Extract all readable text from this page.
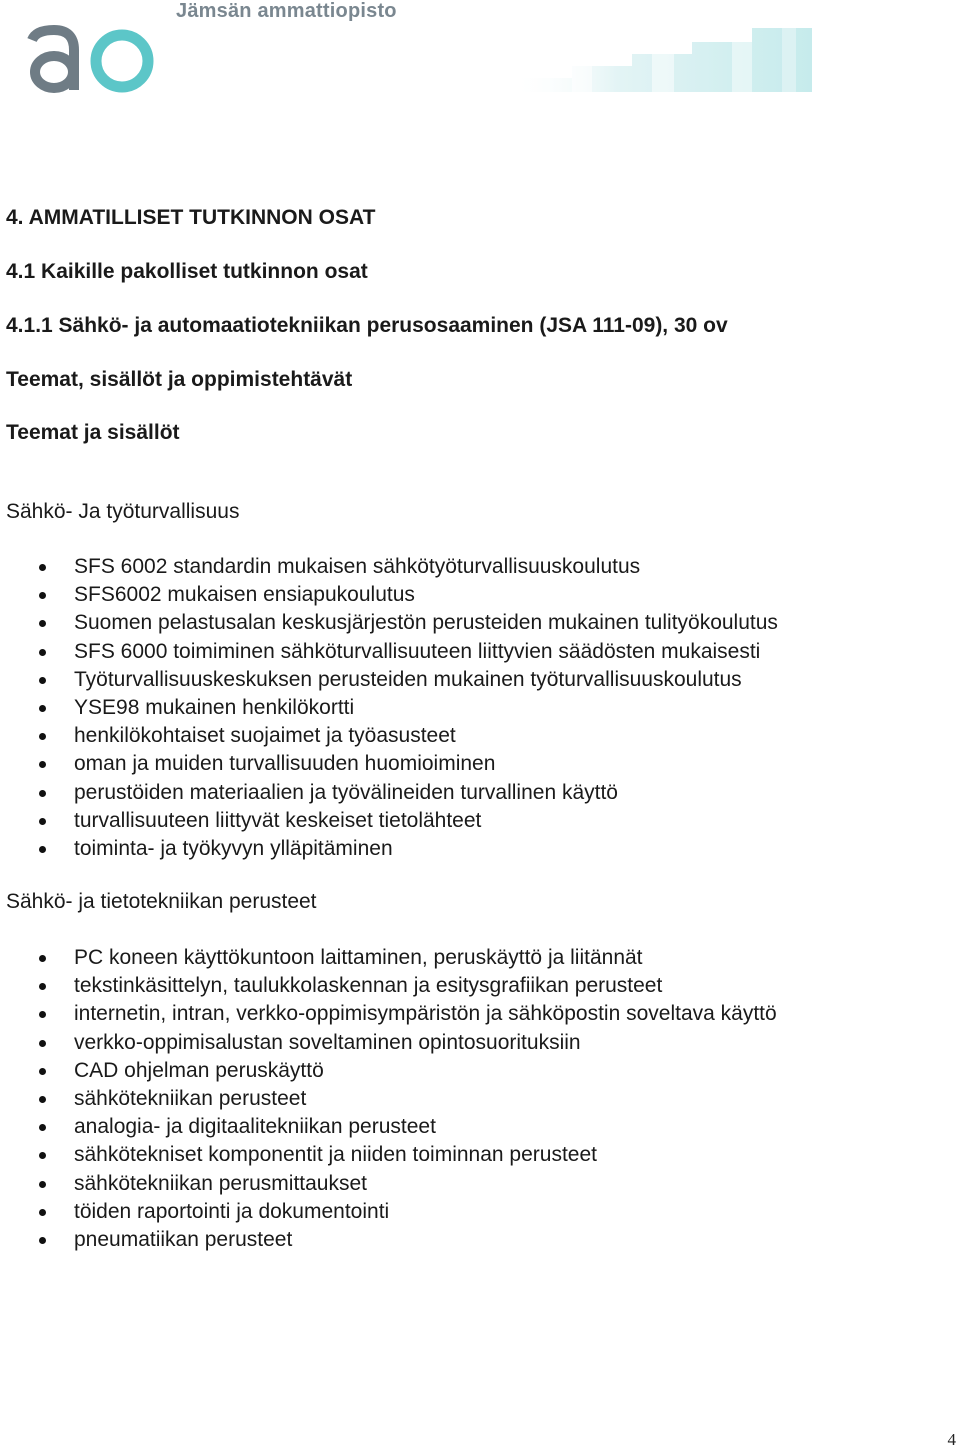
Jämsän ammattiopisto
4. AMMATILLISET TUTKINNON OSAT
4.1 Kaikille pakolliset tutkinnon osat
4.1.1 Sähkö- ja automaatiotekniikan perusosaaminen (JSA 111-09), 30 ov
Teemat, sisällöt ja oppimistehtävät
Teemat ja sisällöt
Sähkö- Ja työturvallisuus
SFS 6002 standardin mukaisen sähkötyöturvallisuuskoulutus
SFS6002 mukaisen ensiapukoulutus
Suomen pelastusalan keskusjärjestön perusteiden mukainen tulityökoulutus
SFS 6000 toimiminen sähköturvallisuuteen liittyvien säädösten mukaisesti
Työturvallisuuskeskuksen perusteiden mukainen työturvallisuuskoulutus
YSE98 mukainen henkilökortti
henkilökohtaiset suojaimet ja työasusteet
oman ja muiden turvallisuuden huomioiminen
perustöiden materiaalien ja työvälineiden turvallinen käyttö
turvallisuuteen liittyvät keskeiset tietolähteet
toiminta- ja työkyvyn ylläpitäminen
Sähkö- ja tietotekniikan perusteet
PC koneen käyttökuntoon laittaminen, peruskäyttö ja liitännät
tekstinkäsittelyn, taulukkolaskennan ja esitysgrafiikan perusteet
internetin, intran, verkko-oppimisympäristön ja sähköpostin soveltava käyttö
verkko-oppimisalustan soveltaminen opintosuorituksiin
CAD ohjelman peruskäyttö
sähkötekniikan perusteet
analogia- ja digitaalitekniikan perusteet
sähkötekniset komponentit ja niiden toiminnan perusteet
sähkötekniikan perusmittaukset
töiden raportointi ja dokumentointi
pneumatiikan perusteet
4
